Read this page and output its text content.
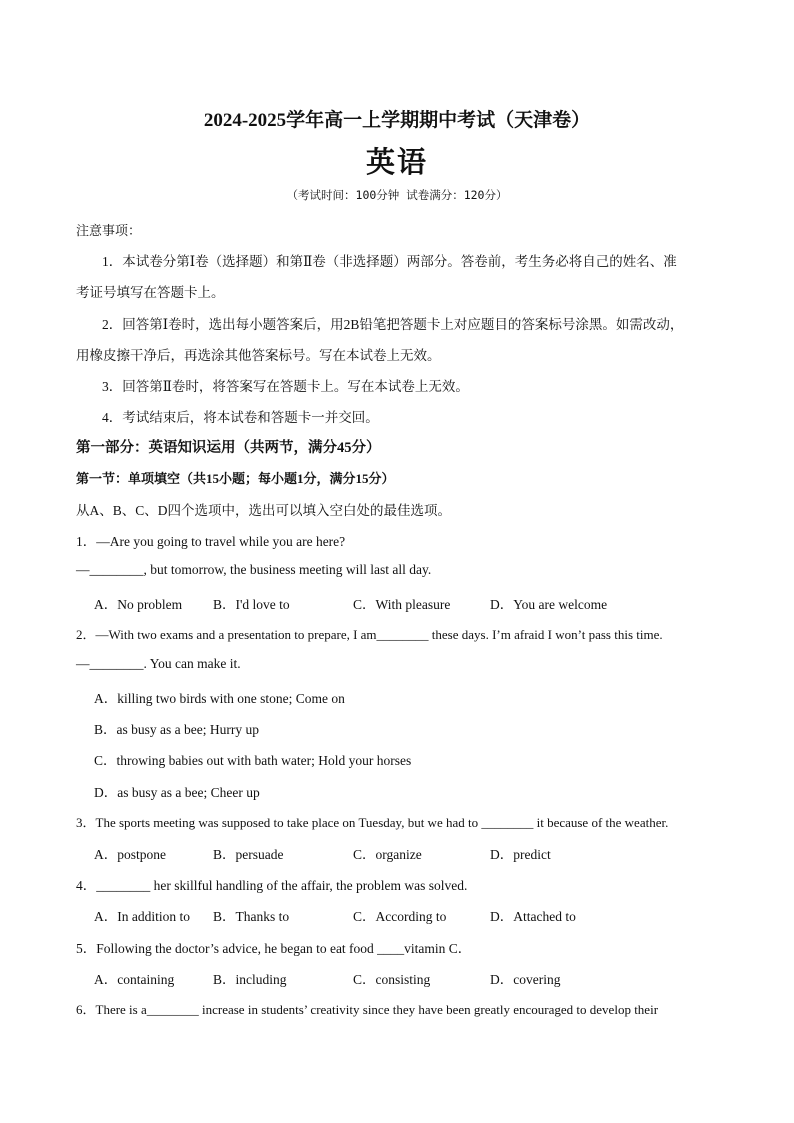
2024-2025学年高一上学期期中考试（天津卷）
英语
（考试时间：100分钟 试卷满分：120分）
注意事项：
1．本试卷分第Ⅰ卷（选择题）和第Ⅱ卷（非选择题）两部分。答卷前，考生务必将自己的姓名、准
考证号填写在答题卡上。
2．回答第Ⅰ卷时，选出每小题答案后，用2B铅笔把答题卡上对应题目的答案标号涂黑。如需改动，
用橡皮擦干净后，再选涂其他答案标号。写在本试卷上无效。
3．回答第Ⅱ卷时，将答案写在答题卡上。写在本试卷上无效。
4．考试结束后，将本试卷和答题卡一并交回。
第一部分：英语知识运用（共两节，满分45分）
第一节：单项填空（共15小题；每小题1分，满分15分）
从A、B、C、D四个选项中，选出可以填入空白处的最佳选项。
1．—Are you going to travel while you are here?
—________, but tomorrow, the business meeting will last all day.
A．No problem B．I'd love to	C．With pleasure	D．You are welcome
2．—With two exams and a presentation to prepare, I am________ these days. I’m afraid I won’t pass this time.
—________. You can make it.
A．killing two birds with one stone; Come on
B．as busy as a bee; Hurry up
C．throwing babies out with bath water; Hold your horses
D．as busy as a bee; Cheer up
3．The sports meeting was supposed to take place on Tuesday, but we had to ________ it because of the weather.
A．postpone	B．persuade	C．organize	D．predict
4．________ her skillful handling of the affair, the problem was solved.
A．In addition to B．Thanks to	C．According to	D．Attached to
5．Following the doctor’s advice, he began to eat food ____vitamin C．
A．containing	B．including	C．consisting	D．covering
6．There is a________ increase in students’ creativity since they have been greatly encouraged to develop their
